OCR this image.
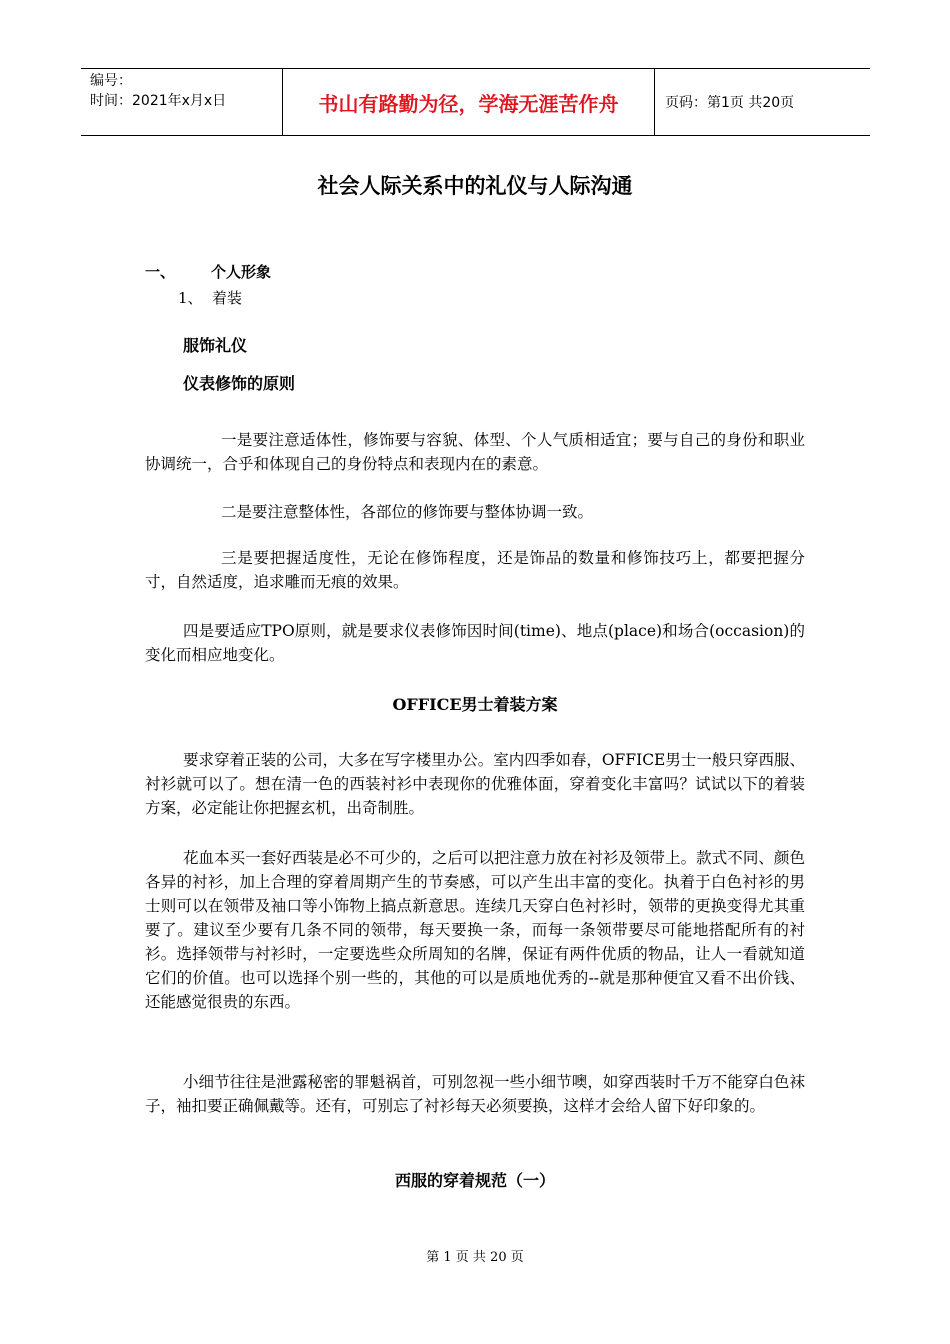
编号：
时间：2021年x月x日	书山有路勤为径，学海无涯苦作舟	页码：第1页 共20页
社会人际关系中的礼仪与人际沟通
一、 个人形象
1、 着装
服饰礼仪
仪表修饰的原则
一是要注意适体性，修饰要与容貌、体型、个人气质相适宜；要与自己的身份和职业协调统一，合乎和体现自己的身份特点和表现内在的素意。
二是要注意整体性，各部位的修饰要与整体协调一致。
三是要把握适度性，无论在修饰程度，还是饰品的数量和修饰技巧上，都要把握分寸，自然适度，追求雕而无痕的效果。
四是要适应TPO原则，就是要求仪表修饰因时间(time)、地点(place)和场合(occasion)的变化而相应地变化。
OFFICE男士着装方案
要求穿着正装的公司，大多在写字楼里办公。室内四季如春，OFFICE男士一般只穿西服、衬衫就可以了。想在清一色的西装衬衫中表现你的优雅体面，穿着变化丰富吗？试试以下的着装方案，必定能让你把握玄机，出奇制胜。
花血本买一套好西装是必不可少的，之后可以把注意力放在衬衫及领带上。款式不同、颜色各异的衬衫，加上合理的穿着周期产生的节奏感，可以产生出丰富的变化。执着于白色衬衫的男士则可以在领带及袖口等小饰物上搞点新意思。连续几天穿白色衬衫时，领带的更换变得尤其重要了。建议至少要有几条不同的领带，每天要换一条，而每一条领带要尽可能地搭配所有的衬衫。选择领带与衬衫时，一定要选些众所周知的名牌，保证有两件优质的物品，让人一看就知道它们的价值。也可以选择个别一些的，其他的可以是质地优秀的--就是那种便宜又看不出价钱、还能感觉很贵的东西。
小细节往往是泄露秘密的罪魁祸首，可别忽视一些小细节噢，如穿西装时千万不能穿白色袜子，袖扣要正确佩戴等。还有，可别忘了衬衫每天必须要换，这样才会给人留下好印象的。
西服的穿着规范（一）
第 1 页 共 20 页
